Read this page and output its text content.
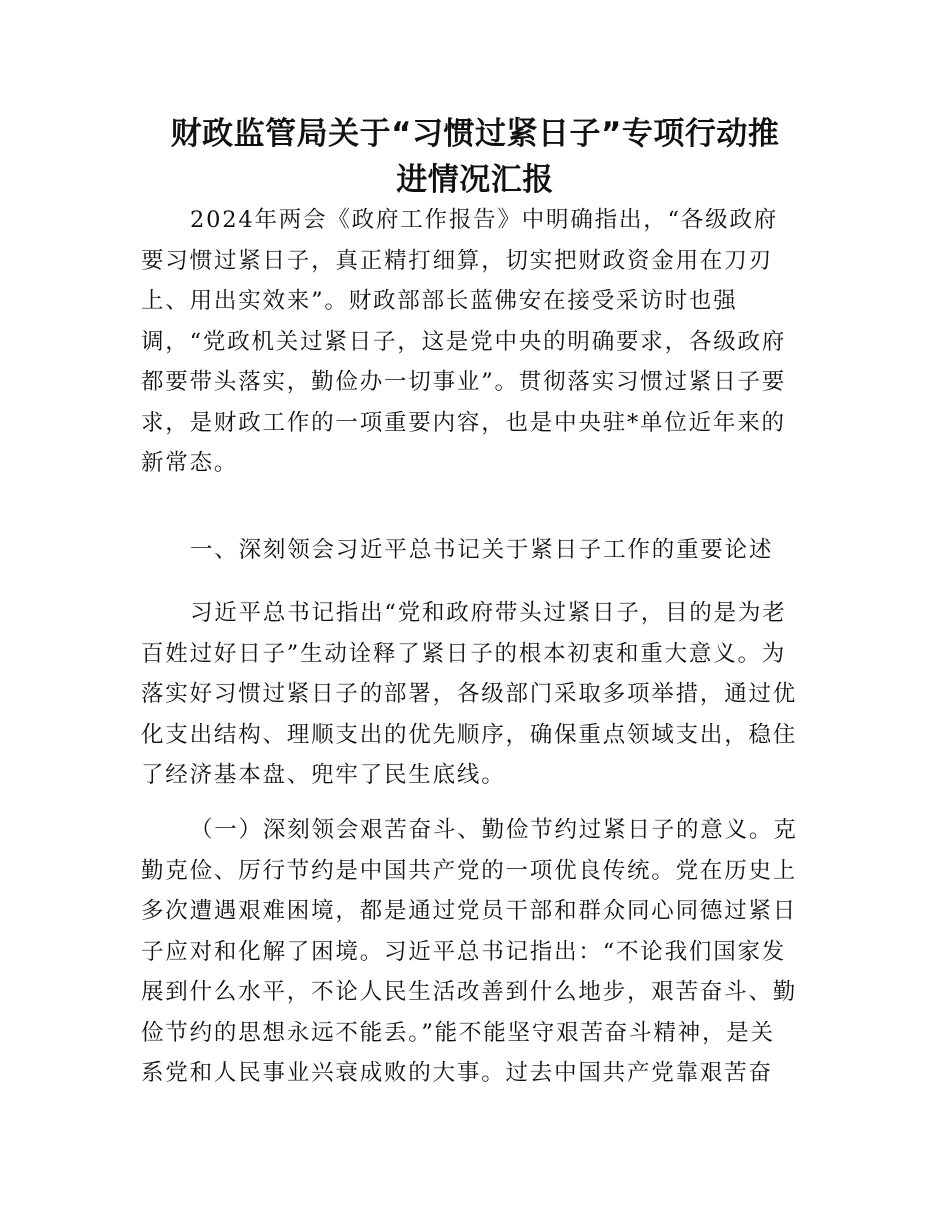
财政监管局关于“习惯过紧日子”专项行动推
进情况汇报
2024年两会《政府工作报告》中明确指出，“各级政府
要习惯过紧日子，真正精打细算，切实把财政资金用在刀刃
上、用出实效来”。财政部部长蓝佛安在接受采访时也强
调，“党政机关过紧日子，这是党中央的明确要求，各级政府
都要带头落实，勤俭办一切事业”。贯彻落实习惯过紧日子要
求，是财政工作的一项重要内容，也是中央驻*单位近年来的
新常态。
一、深刻领会习近平总书记关于紧日子工作的重要论述
习近平总书记指出“党和政府带头过紧日子，目的是为老
百姓过好日子”生动诠释了紧日子的根本初衷和重大意义。为
落实好习惯过紧日子的部署，各级部门采取多项举措，通过优
化支出结构、理顺支出的优先顺序，确保重点领域支出，稳住
了经济基本盘、兜牢了民生底线。
（一）深刻领会艰苦奋斗、勤俭节约过紧日子的意义。克
勤克俭、厉行节约是中国共产党的一项优良传统。党在历史上
多次遭遇艰难困境，都是通过党员干部和群众同心同德过紧日
子应对和化解了困境。习近平总书记指出：“不论我们国家发
展到什么水平，不论人民生活改善到什么地步，艰苦奋斗、勤
俭节约的思想永远不能丢。”能不能坚守艰苦奋斗精神，是关
系党和人民事业兴衰成败的大事。过去中国共产党靠艰苦奋
